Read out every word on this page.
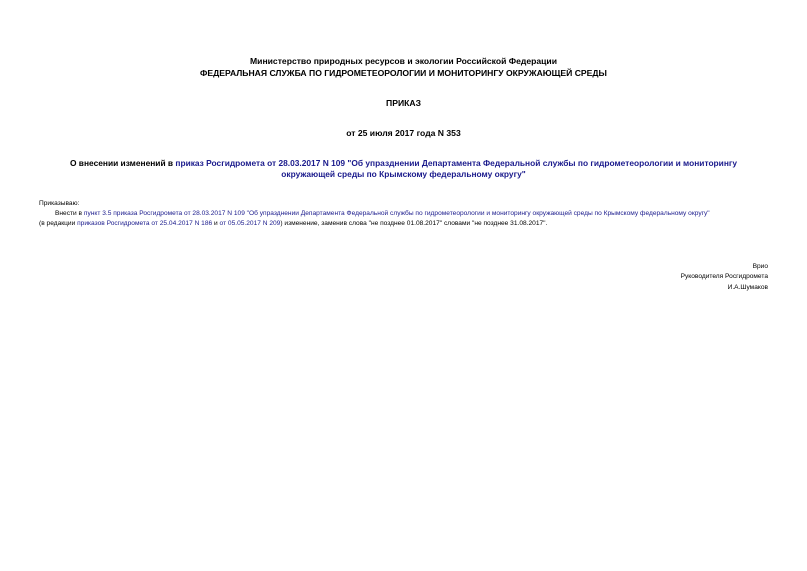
Министерство природных ресурсов и экологии Российской Федерации
ФЕДЕРАЛЬНАЯ СЛУЖБА ПО ГИДРОМЕТЕОРОЛОГИИ И МОНИТОРИНГУ ОКРУЖАЮЩЕЙ СРЕДЫ
ПРИКАЗ
от 25 июля 2017 года N 353
О внесении изменений в приказ Росгидромета от 28.03.2017 N 109 "Об упразднении Департамента Федеральной службы по гидрометеорологии и мониторингу
окружающей среды по Крымскому федеральному округу"
Приказываю:
Внести в пункт 3.5 приказа Росгидромета от 28.03.2017 N 109 "Об упразднении Департамента Федеральной службы по гидрометеорологии и мониторингу окружающей среды по Крымскому федеральному округу"
(в редакции приказов Росгидромета от 25.04.2017 N 186 и от 05.05.2017 N 209) изменение, заменив слова "не позднее 01.08.2017" словами "не позднее 31.08.2017".
Врио
Руководителя Росгидромета
И.А.Шумаков
